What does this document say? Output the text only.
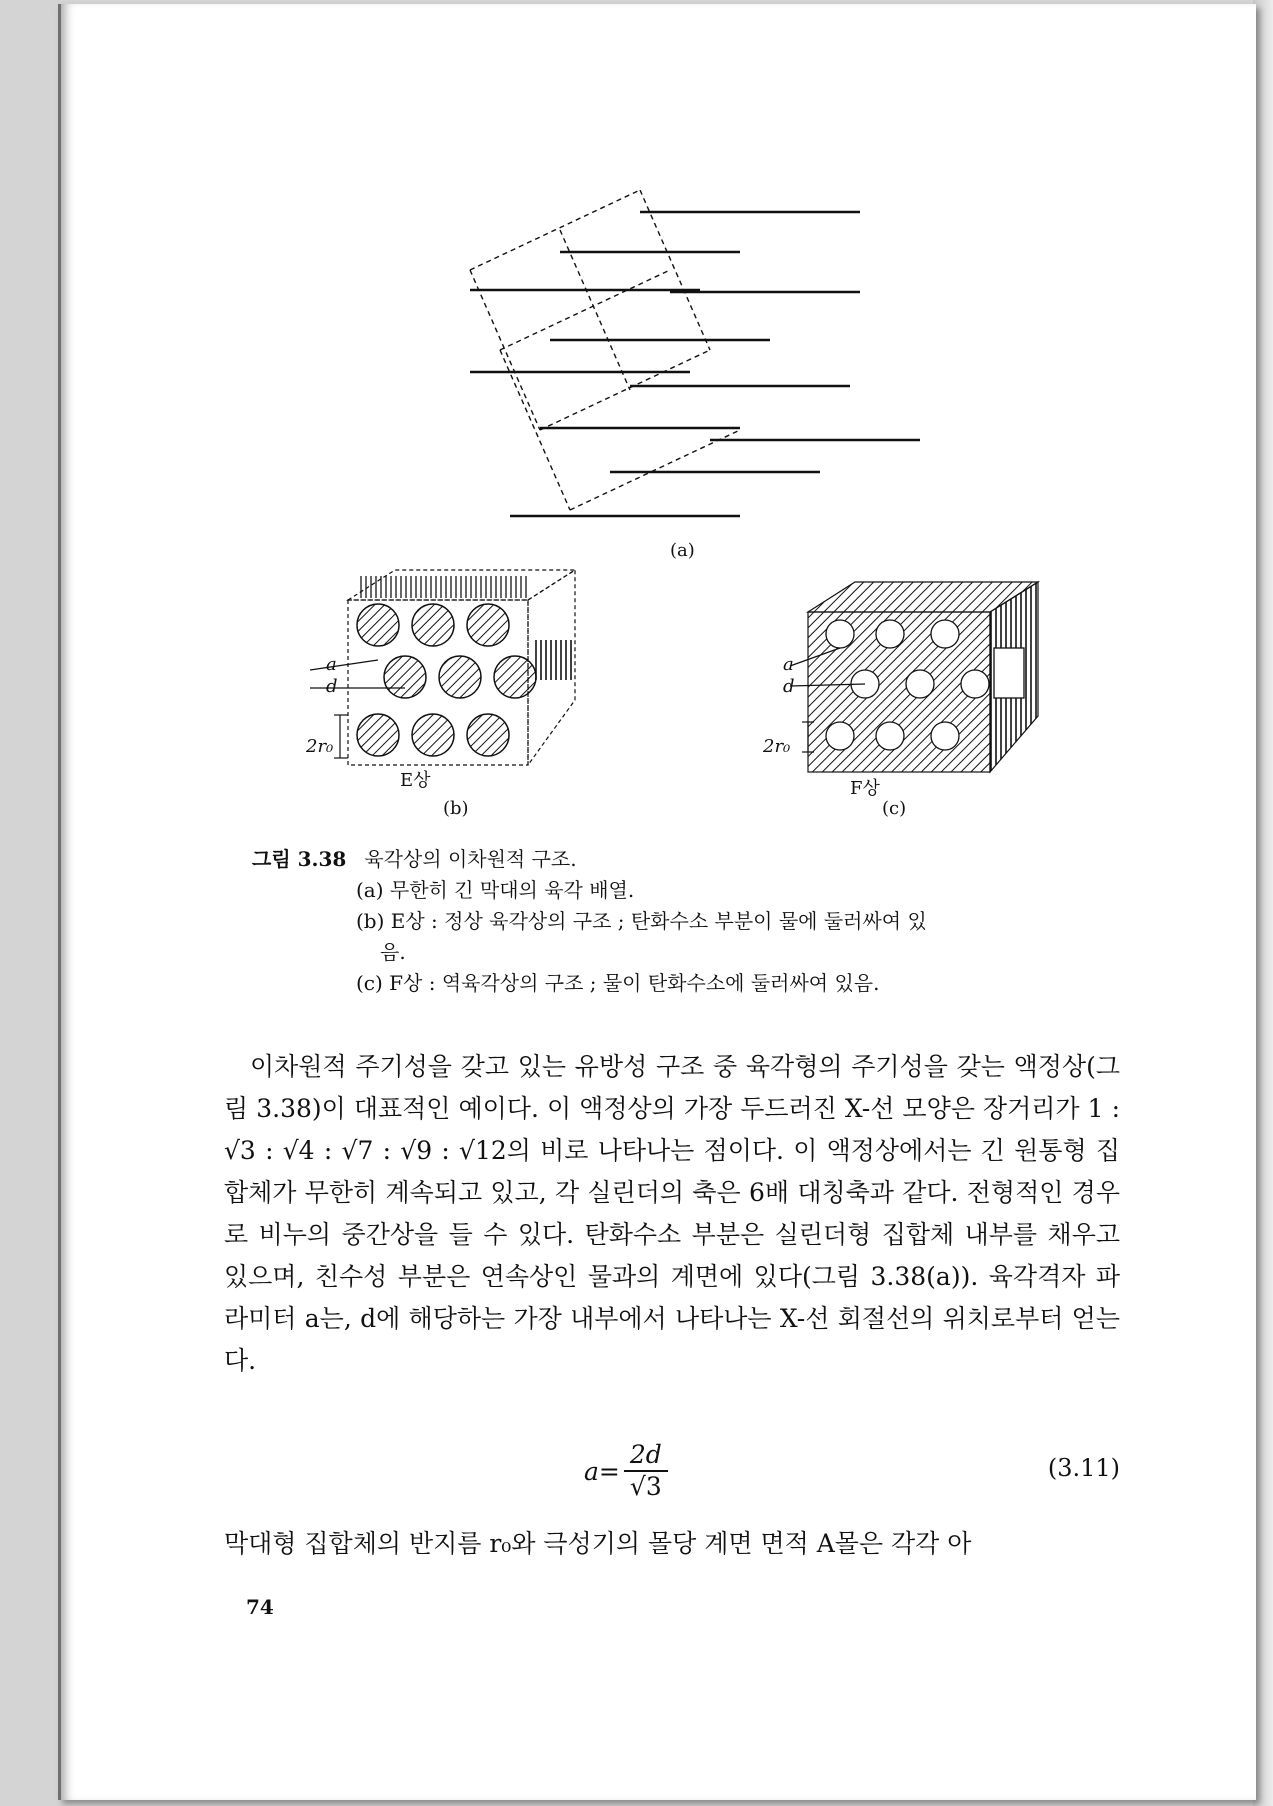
(a)
a
d
2r₀
E상
(b)
a
d
2r₀
F상
(c)
그림 3.38 육각상의 이차원적 구조.
(a) 무한히 긴 막대의 육각 배열.
(b) E상 : 정상 육각상의 구조 ; 탄화수소 부분이 물에 둘러싸여 있
음.
(c) F상 : 역육각상의 구조 ; 물이 탄화수소에 둘러싸여 있음.

이차원적 주기성을 갖고 있는 유방성 구조 중 육각형의 주기성을 갖는 액정상(그림 3.38)이 대표적인 예이다. 이 액정상의 가장 두드러진 X-선 모양은 장거리가 1 : √3 : √4 : √7 : √9 : √12의 비로 나타나는 점이다. 이 액정상에서는 긴 원통형 집합체가 무한히 계속되고 있고, 각 실린더의 축은 6배 대칭축과 같다. 전형적인 경우로 비누의 중간상을 들 수 있다. 탄화수소 부분은 실린더형 집합체 내부를 채우고 있으며, 친수성 부분은 연속상인 물과의 계면에 있다(그림 3.38(a)). 육각격자 파라미터 a는, d에 해당하는 가장 내부에서 나타나는 X-선 회절선의 위치로부터 얻는다.

$a= \frac{2d}{√3}$	(3.11)
막대형 집합체의 반지름 r₀와 극성기의 몰당 계면 면적 A몰은 각각 아
74
